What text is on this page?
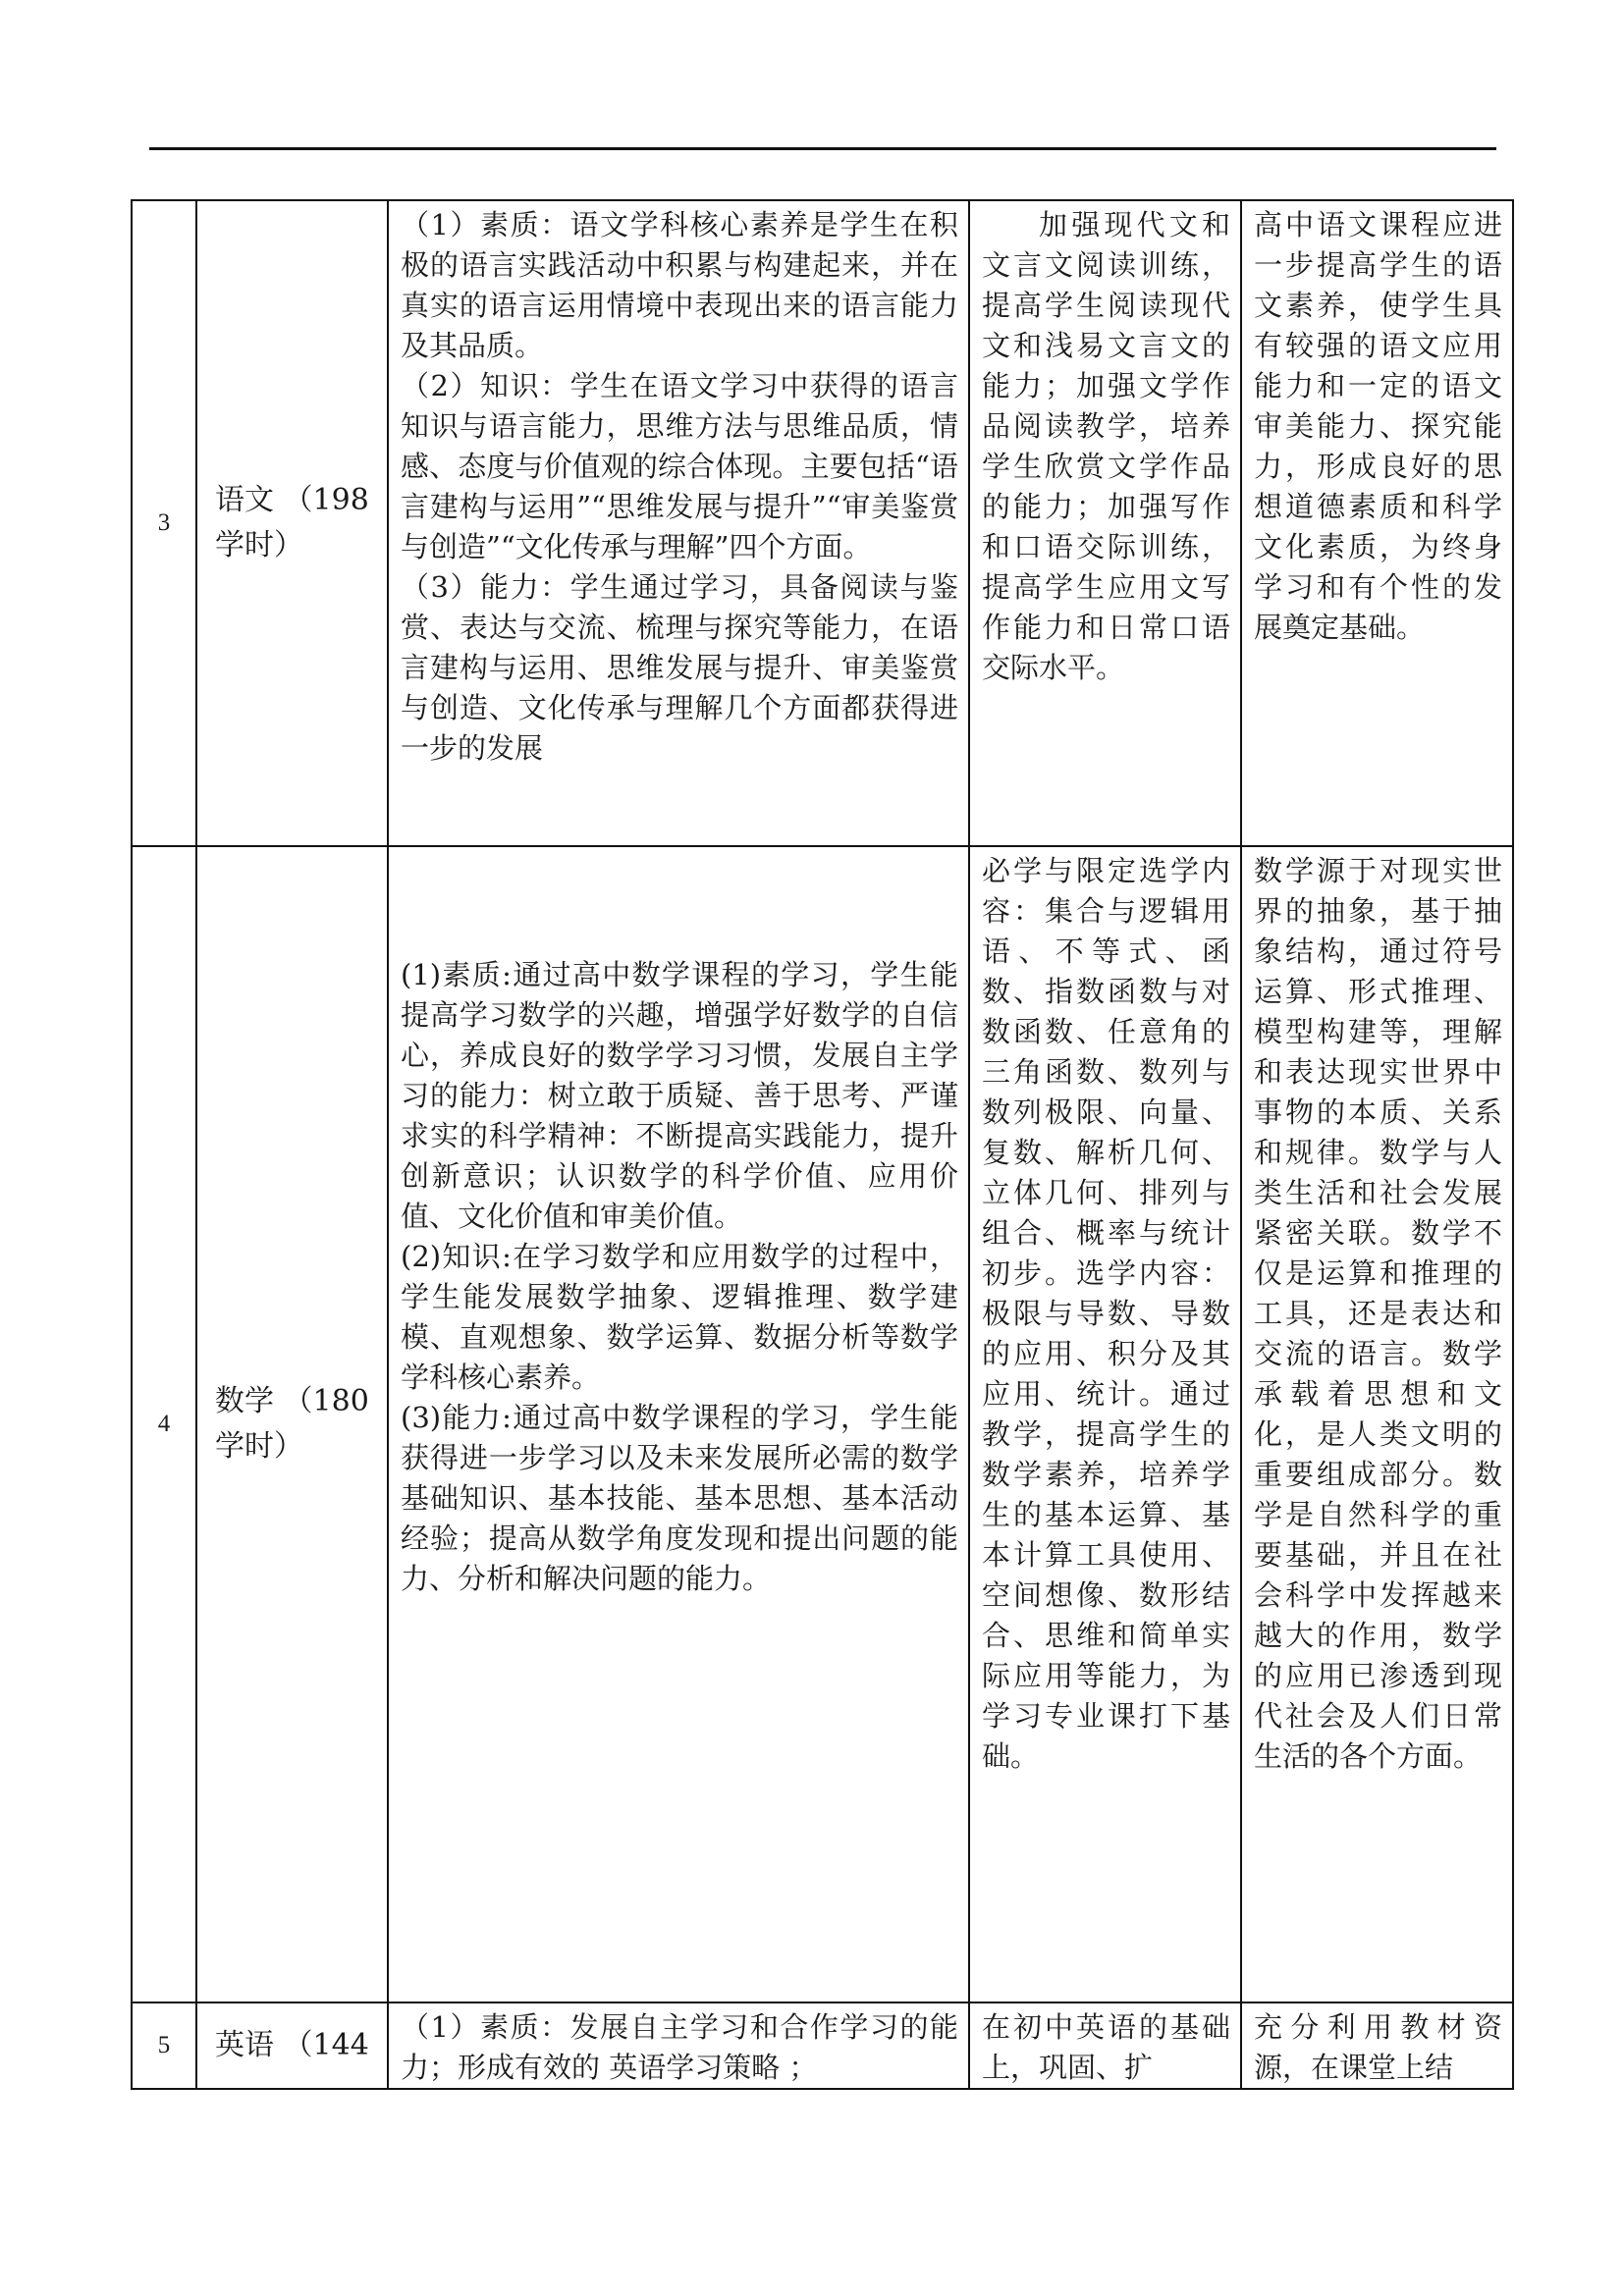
3	语文 （198学时）	（1）素质：语文学科核心素养是学生在积极的语言实践活动中积累与构建起来，并在真实的语言运用情境中表现出来的语言能力及其品质。

（2）知识：学生在语文学习中获得的语言知识与语言能力，思维方法与思维品质，情感、态度与价值观的综合体现。主要包括“语言建构与运用”“思维发展与提升”“审美鉴赏与创造”“文化传承与理解”四个方面。

（3）能力：学生通过学习，具备阅读与鉴赏、表达与交流、梳理与探究等能力，在语言建构与运用、思维发展与提升、审美鉴赏与创造、文化传承与理解几个方面都获得进一步的发展	加强现代文和文言文阅读训练，提高学生阅读现代文和浅易文言文的能力；加强文学作品阅读教学，培养学生欣赏文学作品的能力；加强写作和口语交际训练，提高学生应用文写作能力和日常口语交际水平。	高中语文课程应进一步提高学生的语文素养，使学生具有较强的语文应用能力和一定的语文审美能力、探究能力，形成良好的思想道德素质和科学文化素质，为终身学习和有个性的发展奠定基础。

4	数学 （180学时）	(1)素质:通过高中数学课程的学习，学生能提高学习数学的兴趣，增强学好数学的自信心，养成良好的数学学习习惯，发展自主学习的能力：树立敢于质疑、善于思考、严谨求实的科学精神：不断提高实践能力，提升创新意识；认识数学的科学价值、应用价值、文化价值和审美价值。

(2)知识:在学习数学和应用数学的过程中，学生能发展数学抽象、逻辑推理、数学建模、直观想象、数学运算、数据分析等数学学科核心素养。

(3)能力:通过高中数学课程的学习，学生能获得进一步学习以及未来发展所必需的数学基础知识、基本技能、基本思想、基本活动经验；提高从数学角度发现和提出问题的能力、分析和解决问题的能力。	必学与限定选学内容：集合与逻辑用语、不等式、函数、指数函数与对数函数、任意角的三角函数、数列与数列极限、向量、复数、解析几何、立体几何、排列与组合、概率与统计初步。选学内容：极限与导数、导数的应用、积分及其应用、统计。通过教学，提高学生的数学素养，培养学生的基本运算、基本计算工具使用、空间想像、数形结合、思维和简单实际应用等能力，为学习专业课打下基础。	数学源于对现实世界的抽象，基于抽象结构，通过符号运算、形式推理、模型构建等，理解和表达现实世界中事物的本质、关系和规律。数学与人类生活和社会发展紧密关联。数学不仅是运算和推理的工具，还是表达和交流的语言。数学承载着思想和文化，是人类文明的重要组成部分。数学是自然科学的重要基础，并且在社会科学中发挥越来越大的作用，数学的应用已渗透到现代社会及人们日常生活的各个方面。

5	英语 （144	（1）素质：发展自主学习和合作学习的能力；形成有效的 英语学习策略 ；	在初中英语的基础上，巩固、扩	充分利用教材资源，在课堂上结
